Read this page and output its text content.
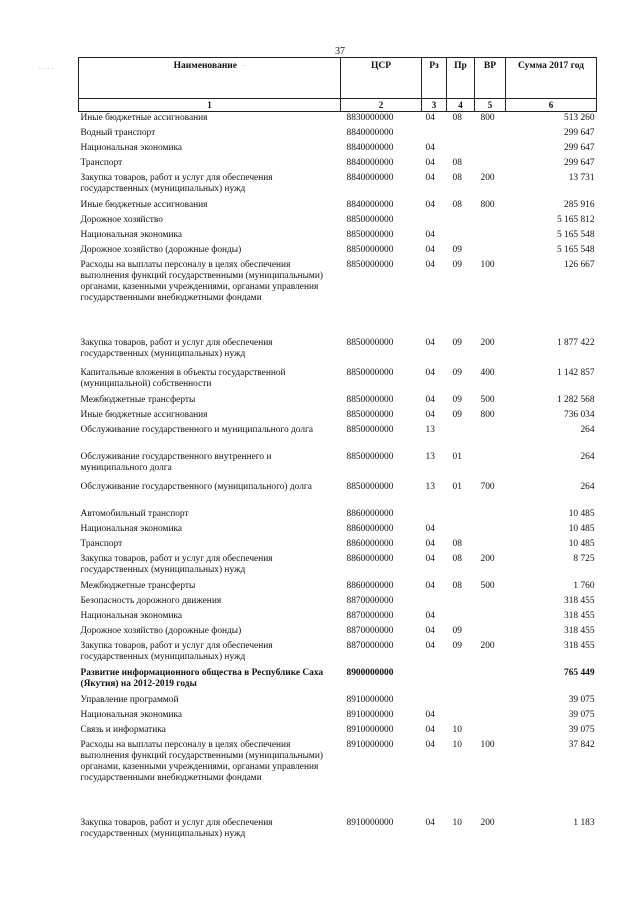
37
· · ·· ·	Наименование ·	ЦСР	Рз	Пр	ВР	Сумма 2017 год
1	2	3	4	5	6
Иные бюджетные ассигнования	8830000000	04	08	800	513 260
Водный транспорт	8840000000				299 647
Национальная экономика	8840000000	04			299 647
Транспорт	8840000000	04	08		299 647
Закупка товаров, работ и услуг для обеспечения государственных (муниципальных) нужд	8840000000	04	08	200	13 731
Иные бюджетные ассигнования	8840000000	04	08	800	285 916
Дорожное хозяйство	8850000000				5 165 812
Национальная экономика	8850000000	04			5 165 548
Дорожное хозяйство (дорожные фонды)	8850000000	04	09		5 165 548
Расходы на выплаты персоналу в целях обеспечения выполнения функций государственными (муниципальными) органами, казенными учреждениями, органами управления государственными внебюджетными фондами	8850000000	04	09	100	126 667
Закупка товаров, работ и услуг для обеспечения государственных (муниципальных) нужд	8850000000	04	09	200	1 877 422
Капитальные вложения в объекты государственной (муниципальной) собственности	8850000000	04	09	400	1 142 857
Межбюджетные трансферты	8850000000	04	09	500	1 282 568
Иные бюджетные ассигнования	8850000000	04	09	800	736 034
Обслуживание государственного и муниципального долга	8850000000	13			264
Обслуживание государственного внутреннего и муниципального долга	8850000000	13	01		264
Обслуживание государственного (муниципального) долга	8850000000	13	01	700	264
Автомобильный транспорт	8860000000				10 485
Национальная экономика	8860000000	04			10 485
Транспорт	8860000000	04	08		10 485
Закупка товаров, работ и услуг для обеспечения государственных (муниципальных) нужд	8860000000	04	08	200	8 725
Межбюджетные трансферты	8860000000	04	08	500	1 760
Безопасность дорожного движения	8870000000				318 455
Национальная экономика	8870000000	04			318 455
Дорожное хозяйство (дорожные фонды)	8870000000	04	09		318 455
Закупка товаров, работ и услуг для обеспечения государственных (муниципальных) нужд	8870000000	04	09	200	318 455
Развитие информационного общества в Республике Саха (Якутия) на 2012-2019 годы	8900000000				765 449
Управление программой	8910000000				39 075
Национальная экономика	8910000000	04			39 075
Связь и информатика	8910000000	04	10		39 075
Расходы на выплаты персоналу в целях обеспечения выполнения функций государственными (муниципальными) органами, казенными учреждениями, органами управления государственными внебюджетными фондами	8910000000	04	10	100	37 842
Закупка товаров, работ и услуг для обеспечения государственных (муниципальных) нужд	8910000000	04	10	200	1 183
